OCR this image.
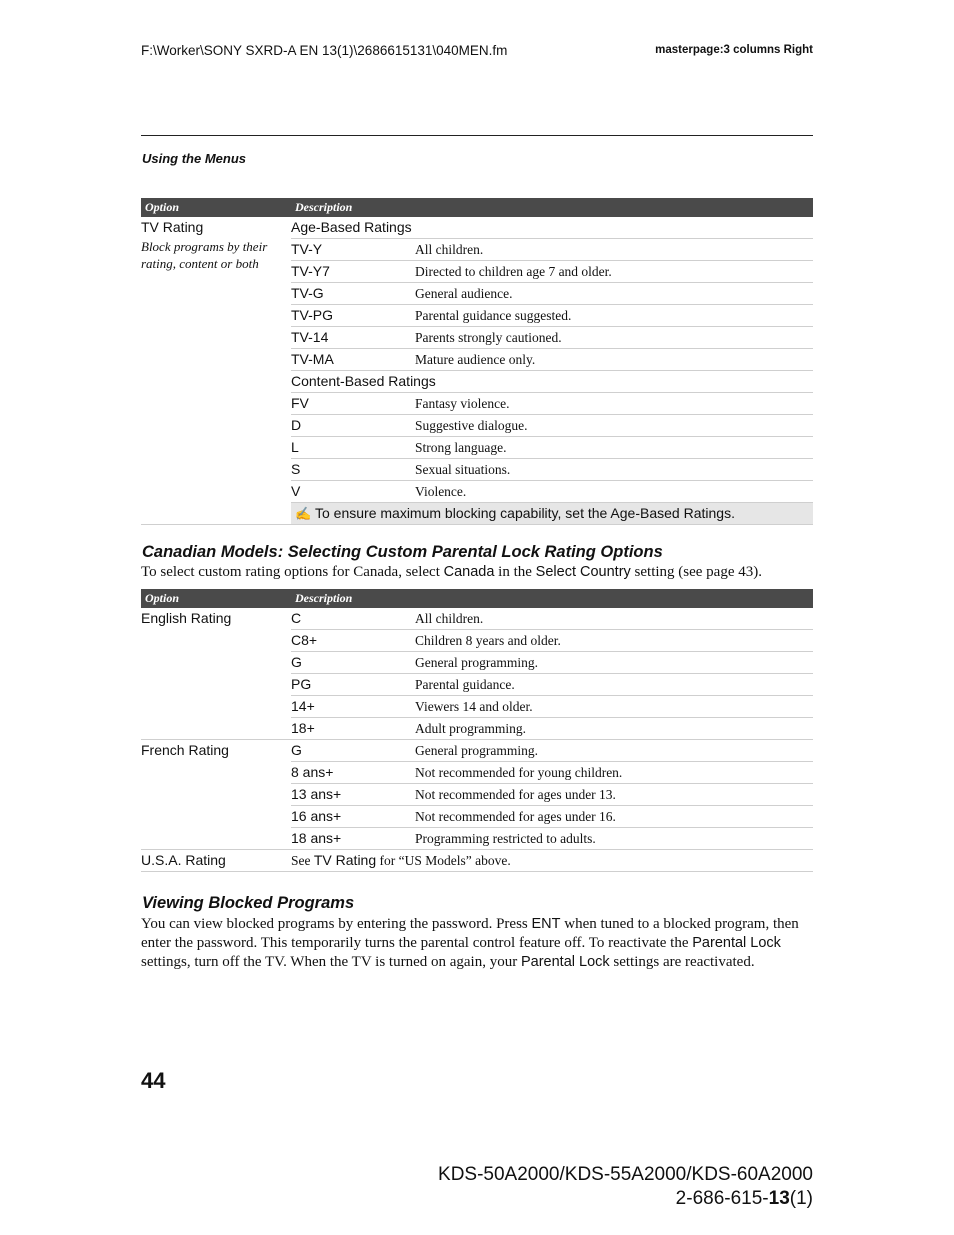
F:\Worker\SONY SXRD-A EN 13(1)\2686615131\040MEN.fm	masterpage:3 columns Right
Using the Menus
Option	Description	

TV Rating
Block programs by their rating, content or both	Age-Based Ratings	
	TV-Y	All children.
	TV-Y7	Directed to children age 7 and older.
	TV-G	General audience.
	TV-PG	Parental guidance suggested.
	TV-14	Parents strongly cautioned.
	TV-MA	Mature audience only.
	Content-Based Ratings	
	FV	Fantasy violence.
	D	Suggestive dialogue.
	L	Strong language.
	S	Sexual situations.
	V	Violence.
	✍ To ensure maximum blocking capability, set the Age-Based Ratings.	
Canadian Models: Selecting Custom Parental Lock Rating Options

To select custom rating options for Canada, select Canada in the Select Country setting (see page 43).

Option	Description	

English Rating	C	All children.
	C8+	Children 8 years and older.
	G	General programming.
	PG	Parental guidance.
	14+	Viewers 14 and older.
	18+	Adult programming.

French Rating	G	General programming.
	8 ans+	Not recommended for young children.
	13 ans+	Not recommended for ages under 13.
	16 ans+	Not recommended for ages under 16.
	18 ans+	Programming restricted to adults.

U.S.A. Rating	See TV Rating for “US Models” above.	
Viewing Blocked Programs

You can view blocked programs by entering the password. Press ENT when tuned to a blocked program, then enter the password. This temporarily turns the parental control feature off. To reactivate the Parental Lock settings, turn off the TV. When the TV is turned on again, your Parental Lock settings are reactivated.

44
KDS-50A2000/KDS-55A2000/KDS-60A2000
2-686-615-13(1)
